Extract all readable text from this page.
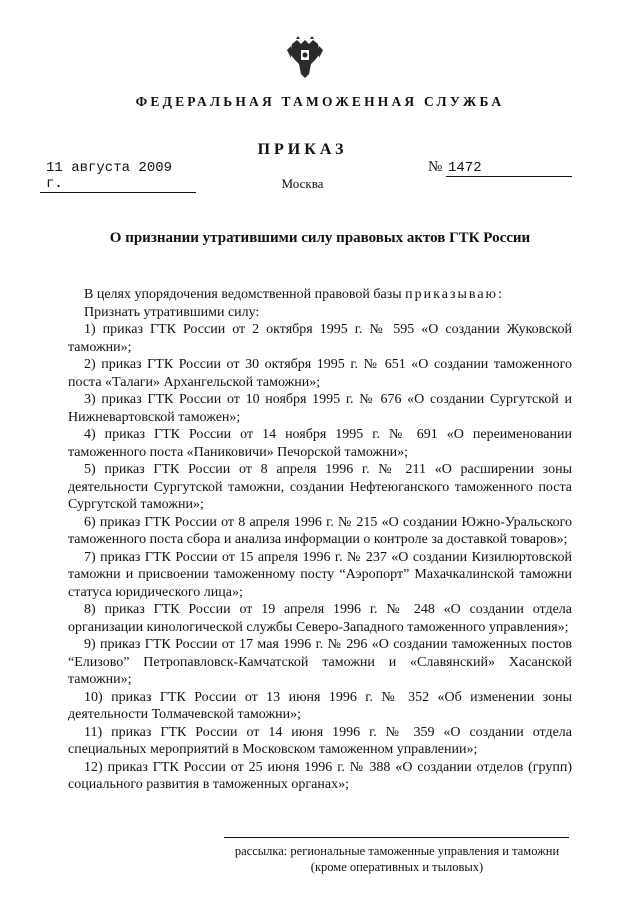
ФЕДЕРАЛЬНАЯ ТАМОЖЕННАЯ СЛУЖБА
ПРИКАЗ
11 августа 2009 г.
№ 1472
Москва
О признании утратившими силу правовых актов ГТК России

В целях упорядочения ведомственной правовой базы приказываю:

Признать утратившими силу:

1) приказ ГТК России от 2 октября 1995 г. № 595 «О создании Жуковской таможни»;

2) приказ ГТК России от 30 октября 1995 г. № 651 «О создании таможенного поста «Талаги» Архангельской таможни»;

3) приказ ГТК России от 10 ноября 1995 г. № 676 «О создании Сургутской и Нижневартовской таможен»;

4) приказ ГТК России от 14 ноября 1995 г. № 691 «О переименовании таможенного поста «Паниковичи» Печорской таможни»;

5) приказ ГТК России от 8 апреля 1996 г. № 211 «О расширении зоны деятельности Сургутской таможни, создании Нефтеюганского таможенного поста Сургутской таможни»;

6) приказ ГТК России от 8 апреля 1996 г. № 215 «О создании Южно-Уральского таможенного поста сбора и анализа информации о контроле за доставкой товаров»;

7) приказ ГТК России от 15 апреля 1996 г. № 237 «О создании Кизилюртовской таможни и присвоении таможенному посту “Аэропорт” Махачкалинской таможни статуса юридического лица»;

8) приказ ГТК России от 19 апреля 1996 г. № 248 «О создании отдела организации кинологической службы Северо-Западного таможенного управления»;

9) приказ ГТК России от 17 мая 1996 г. № 296 «О создании таможенных постов “Елизово” Петропавловск-Камчатской таможни и «Славянский» Хасанской таможни»;

10) приказ ГТК России от 13 июня 1996 г. № 352 «Об изменении зоны деятельности Толмачевской таможни»;

11) приказ ГТК России от 14 июня 1996 г. № 359 «О создании отдела специальных мероприятий в Московском таможенном управлении»;

12) приказ ГТК России от 25 июня 1996 г. № 388 «О создании отделов (групп) социального развития в таможенных органах»;

рассылка: региональные таможенные управления и таможни
(кроме оперативных и тыловых)
